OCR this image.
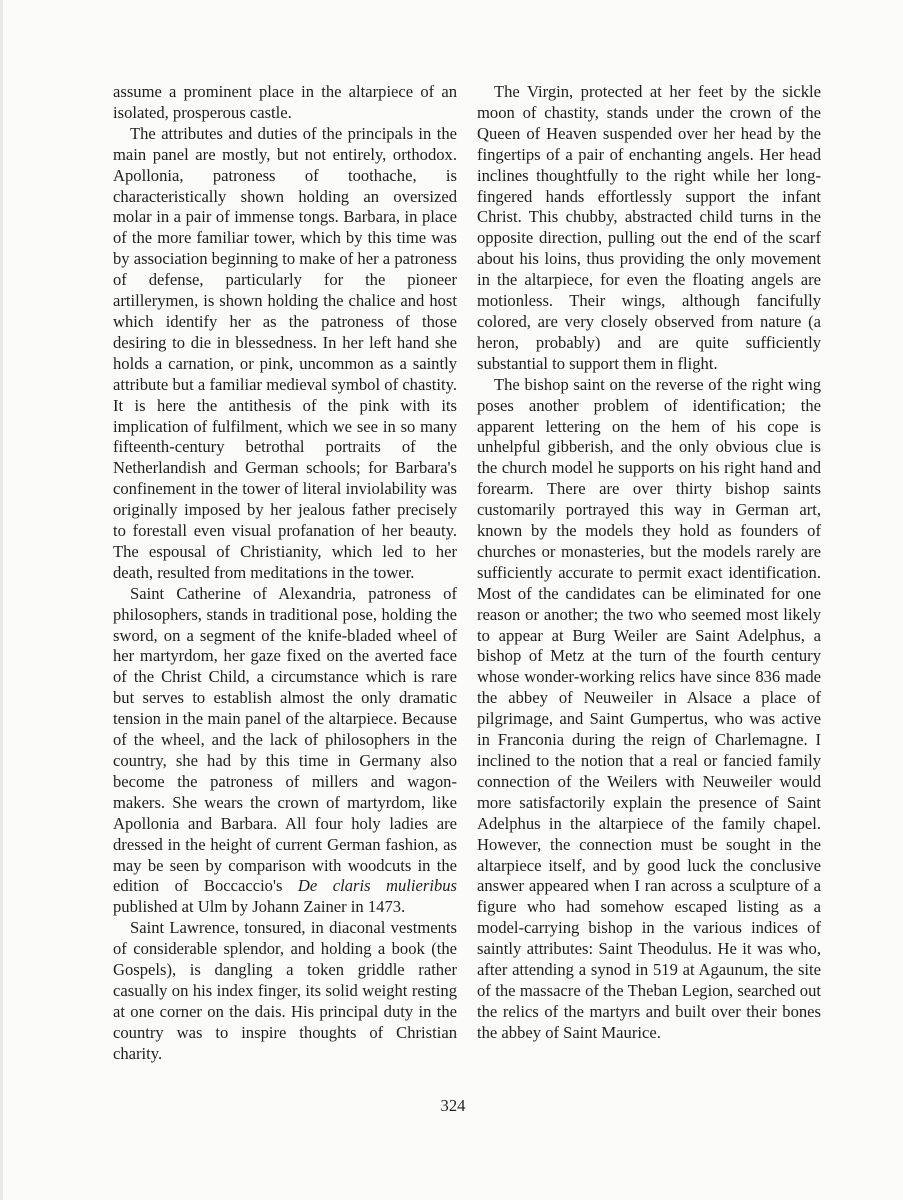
assume a prominent place in the altarpiece of an isolated, prosperous castle.

The attributes and duties of the principals in the main panel are mostly, but not entirely, orthodox. Apollonia, patroness of toothache, is characteristically shown holding an oversized molar in a pair of immense tongs. Barbara, in place of the more familiar tower, which by this time was by association beginning to make of her a patroness of defense, particularly for the pioneer artillerymen, is shown holding the chalice and host which identify her as the patroness of those desiring to die in blessedness. In her left hand she holds a carnation, or pink, uncommon as a saintly attribute but a familiar medieval symbol of chastity. It is here the antithesis of the pink with its implication of fulfilment, which we see in so many fifteenth-century betrothal portraits of the Netherlandish and German schools; for Barbara's confinement in the tower of literal inviolability was originally imposed by her jealous father precisely to forestall even visual profanation of her beauty. The espousal of Christianity, which led to her death, resulted from meditations in the tower.

Saint Catherine of Alexandria, patroness of philosophers, stands in traditional pose, holding the sword, on a segment of the knife-bladed wheel of her martyrdom, her gaze fixed on the averted face of the Christ Child, a circumstance which is rare but serves to establish almost the only dramatic tension in the main panel of the altarpiece. Because of the wheel, and the lack of philosophers in the country, she had by this time in Germany also become the patroness of millers and wagon-makers. She wears the crown of martyrdom, like Apollonia and Barbara. All four holy ladies are dressed in the height of current German fashion, as may be seen by comparison with woodcuts in the edition of Boccaccio's De claris mulieribus published at Ulm by Johann Zainer in 1473.

Saint Lawrence, tonsured, in diaconal vestments of considerable splendor, and holding a book (the Gospels), is dangling a token griddle rather casually on his index finger, its solid weight resting at one corner on the dais. His principal duty in the country was to inspire thoughts of Christian charity.

The Virgin, protected at her feet by the sickle moon of chastity, stands under the crown of the Queen of Heaven suspended over her head by the fingertips of a pair of enchanting angels. Her head inclines thoughtfully to the right while her long-fingered hands effortlessly support the infant Christ. This chubby, abstracted child turns in the opposite direction, pulling out the end of the scarf about his loins, thus providing the only movement in the altarpiece, for even the floating angels are motionless. Their wings, although fancifully colored, are very closely observed from nature (a heron, probably) and are quite sufficiently substantial to support them in flight.

The bishop saint on the reverse of the right wing poses another problem of identification; the apparent lettering on the hem of his cope is unhelpful gibberish, and the only obvious clue is the church model he supports on his right hand and forearm. There are over thirty bishop saints customarily portrayed this way in German art, known by the models they hold as founders of churches or monasteries, but the models rarely are sufficiently accurate to permit exact identification. Most of the candidates can be eliminated for one reason or another; the two who seemed most likely to appear at Burg Weiler are Saint Adelphus, a bishop of Metz at the turn of the fourth century whose wonder-working relics have since 836 made the abbey of Neuweiler in Alsace a place of pilgrimage, and Saint Gumpertus, who was active in Franconia during the reign of Charlemagne. I inclined to the notion that a real or fancied family connection of the Weilers with Neuweiler would more satisfactorily explain the presence of Saint Adelphus in the altarpiece of the family chapel. However, the connection must be sought in the altarpiece itself, and by good luck the conclusive answer appeared when I ran across a sculpture of a figure who had somehow escaped listing as a model-carrying bishop in the various indices of saintly attributes: Saint Theodulus. He it was who, after attending a synod in 519 at Agaunum, the site of the massacre of the Theban Legion, searched out the relics of the martyrs and built over their bones the abbey of Saint Maurice.

324
